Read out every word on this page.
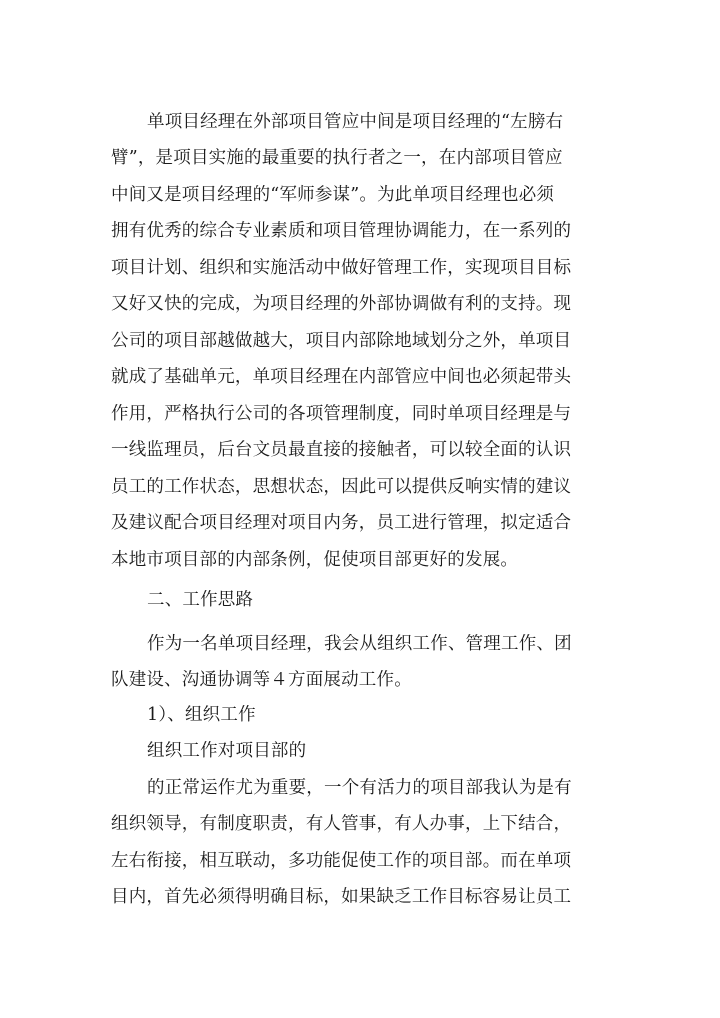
单项目经理在外部项目管应中间是项目经理的“左膀右
臂”，是项目实施的最重要的执行者之一，在内部项目管应
中间又是项目经理的“军师参谋”。为此单项目经理也必须
拥有优秀的综合专业素质和项目管理协调能力，在一系列的
项目计划、组织和实施活动中做好管理工作，实现项目目标
又好又快的完成，为项目经理的外部协调做有利的支持。现
公司的项目部越做越大，项目内部除地域划分之外，单项目
就成了基础单元，单项目经理在内部管应中间也必须起带头
作用，严格执行公司的各项管理制度，同时单项目经理是与
一线监理员，后台文员最直接的接触者，可以较全面的认识
员工的工作状态，思想状态，因此可以提供反响实情的建议
及建议配合项目经理对项目内务，员工进行管理，拟定适合
本地市项目部的内部条例，促使项目部更好的发展。
二、工作思路
作为一名单项目经理，我会从组织工作、管理工作、团
队建设、沟通协调等４方面展动工作。
1）、组织工作
组织工作对项目部的
的正常运作尤为重要，一个有活力的项目部我认为是有
组织领导，有制度职责，有人管事，有人办事，上下结合，
左右衔接，相互联动，多功能促使工作的项目部。而在单项
目内，首先必须得明确目标，如果缺乏工作目标容易让员工
